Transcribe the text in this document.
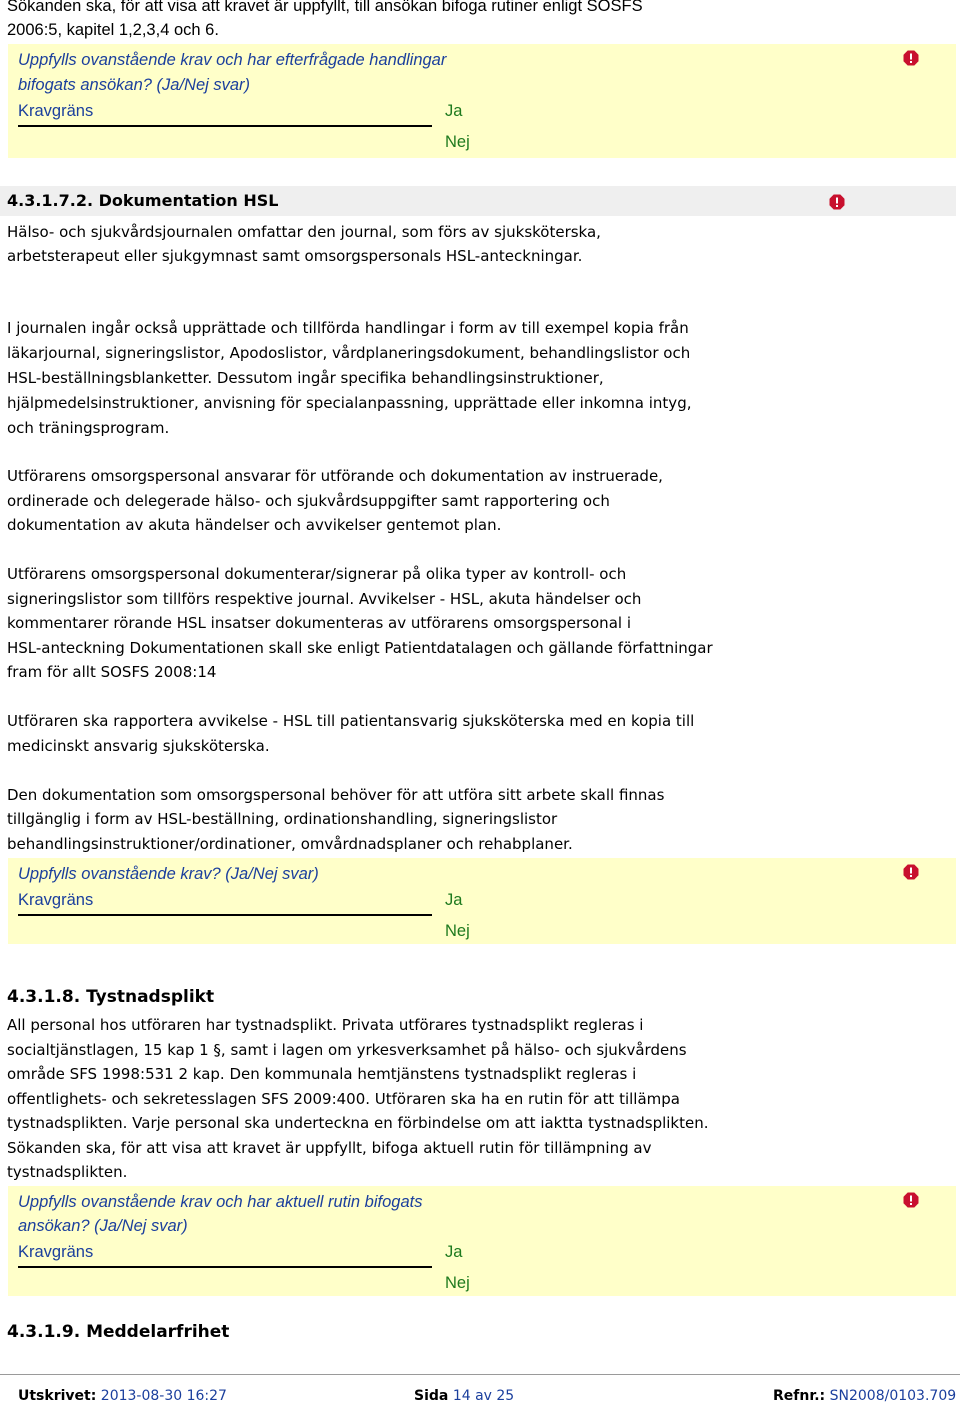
Sökanden ska, för att visa att kravet är uppfyllt, till ansökan bifoga rutiner enligt SOSFS
2006:5, kapitel 1,2,3,4 och 6.
Uppfylls ovanstående krav och har efterfrågade handlingar
bifogats ansökan? (Ja/Nej svar)
Kravgräns	Ja
Nej
4.3.1.7.2. Dokumentation HSL
Hälso- och sjukvårdsjournalen omfattar den journal, som förs av sjuksköterska,
arbetsterapeut eller sjukgymnast samt omsorgspersonals HSL-anteckningar.
I journalen ingår också upprättade och tillförda handlingar i form av till exempel kopia från
läkarjournal, signeringslistor, Apodoslistor, vårdplaneringsdokument, behandlingslistor och
HSL-beställningsblanketter. Dessutom ingår specifika behandlingsinstruktioner,
hjälpmedelsinstruktioner, anvisning för specialanpassning, upprättade eller inkomna intyg,
och träningsprogram.
Utförarens omsorgspersonal ansvarar för utförande och dokumentation av instruerade,
ordinerade och delegerade hälso- och sjukvårdsuppgifter samt rapportering och
dokumentation av akuta händelser och avvikelser gentemot plan.
Utförarens omsorgspersonal dokumenterar/signerar på olika typer av kontroll- och
signeringslistor som tillförs respektive journal. Avvikelser - HSL, akuta händelser och
kommentarer rörande HSL insatser dokumenteras av utförarens omsorgspersonal i
HSL-anteckning Dokumentationen skall ske enligt Patientdatalagen och gällande författningar
fram för allt SOSFS 2008:14
Utföraren ska rapportera avvikelse - HSL till patientansvarig sjuksköterska med en kopia till
medicinskt ansvarig sjuksköterska.
Den dokumentation som omsorgspersonal behöver för att utföra sitt arbete skall finnas
tillgänglig i form av HSL-beställning, ordinationshandling, signeringslistor
behandlingsinstruktioner/ordinationer, omvårdnadsplaner och rehabplaner.
Uppfylls ovanstående krav? (Ja/Nej svar)
Kravgräns	Ja
Nej
4.3.1.8. Tystnadsplikt
All personal hos utföraren har tystnadsplikt. Privata utförares tystnadsplikt regleras i
socialtjänstlagen, 15 kap 1 §, samt i lagen om yrkesverksamhet på hälso- och sjukvårdens
område SFS 1998:531 2 kap. Den kommunala hemtjänstens tystnadsplikt regleras i
offentlighets- och sekretesslagen SFS 2009:400. Utföraren ska ha en rutin för att tillämpa
tystnadsplikten. Varje personal ska underteckna en förbindelse om att iaktta tystnadsplikten.
Sökanden ska, för att visa att kravet är uppfyllt, bifoga aktuell rutin för tillämpning av
tystnadsplikten.
Uppfylls ovanstående krav och har aktuell rutin bifogats
ansökan? (Ja/Nej svar)
Kravgräns	Ja
Nej
4.3.1.9. Meddelarfrihet
Utskrivet: 2013-08-30 16:27	Sida 14 av 25	Refnr.: SN2008/0103.709
